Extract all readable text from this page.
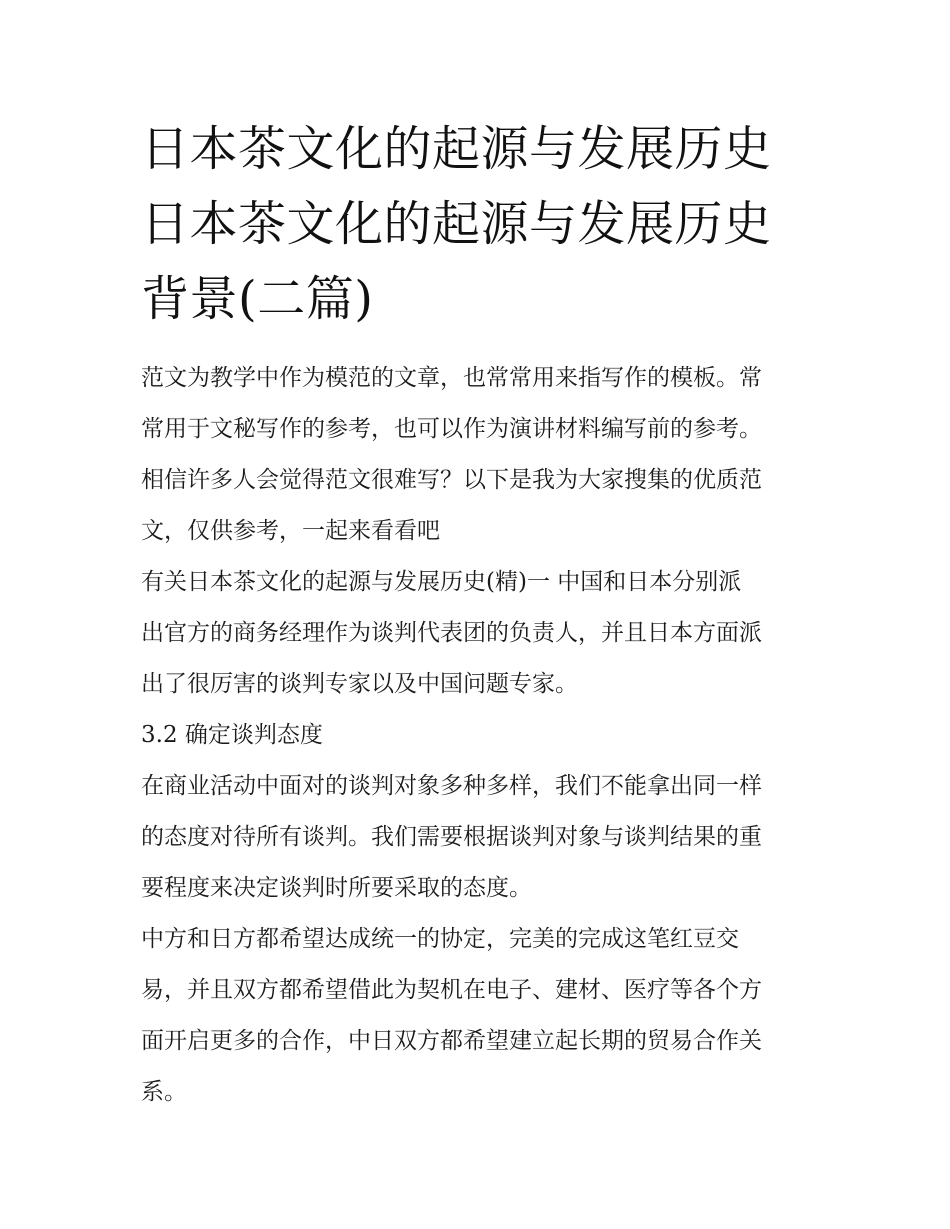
日本茶文化的起源与发展历史
日本茶文化的起源与发展历史
背景(二篇)

范文为教学中作为模范的文章，也常常用来指写作的模板。常
常用于文秘写作的参考，也可以作为演讲材料编写前的参考。
相信许多人会觉得范文很难写？以下是我为大家搜集的优质范
文，仅供参考，一起来看看吧

有关日本茶文化的起源与发展历史(精)一 中国和日本分别派
出官方的商务经理作为谈判代表团的负责人，并且日本方面派
出了很厉害的谈判专家以及中国问题专家。

3.2 确定谈判态度

在商业活动中面对的谈判对象多种多样，我们不能拿出同一样
的态度对待所有谈判。我们需要根据谈判对象与谈判结果的重
要程度来决定谈判时所要采取的态度。

中方和日方都希望达成统一的协定，完美的完成这笔红豆交
易，并且双方都希望借此为契机在电子、建材、医疗等各个方
面开启更多的合作，中日双方都希望建立起长期的贸易合作关
系。
